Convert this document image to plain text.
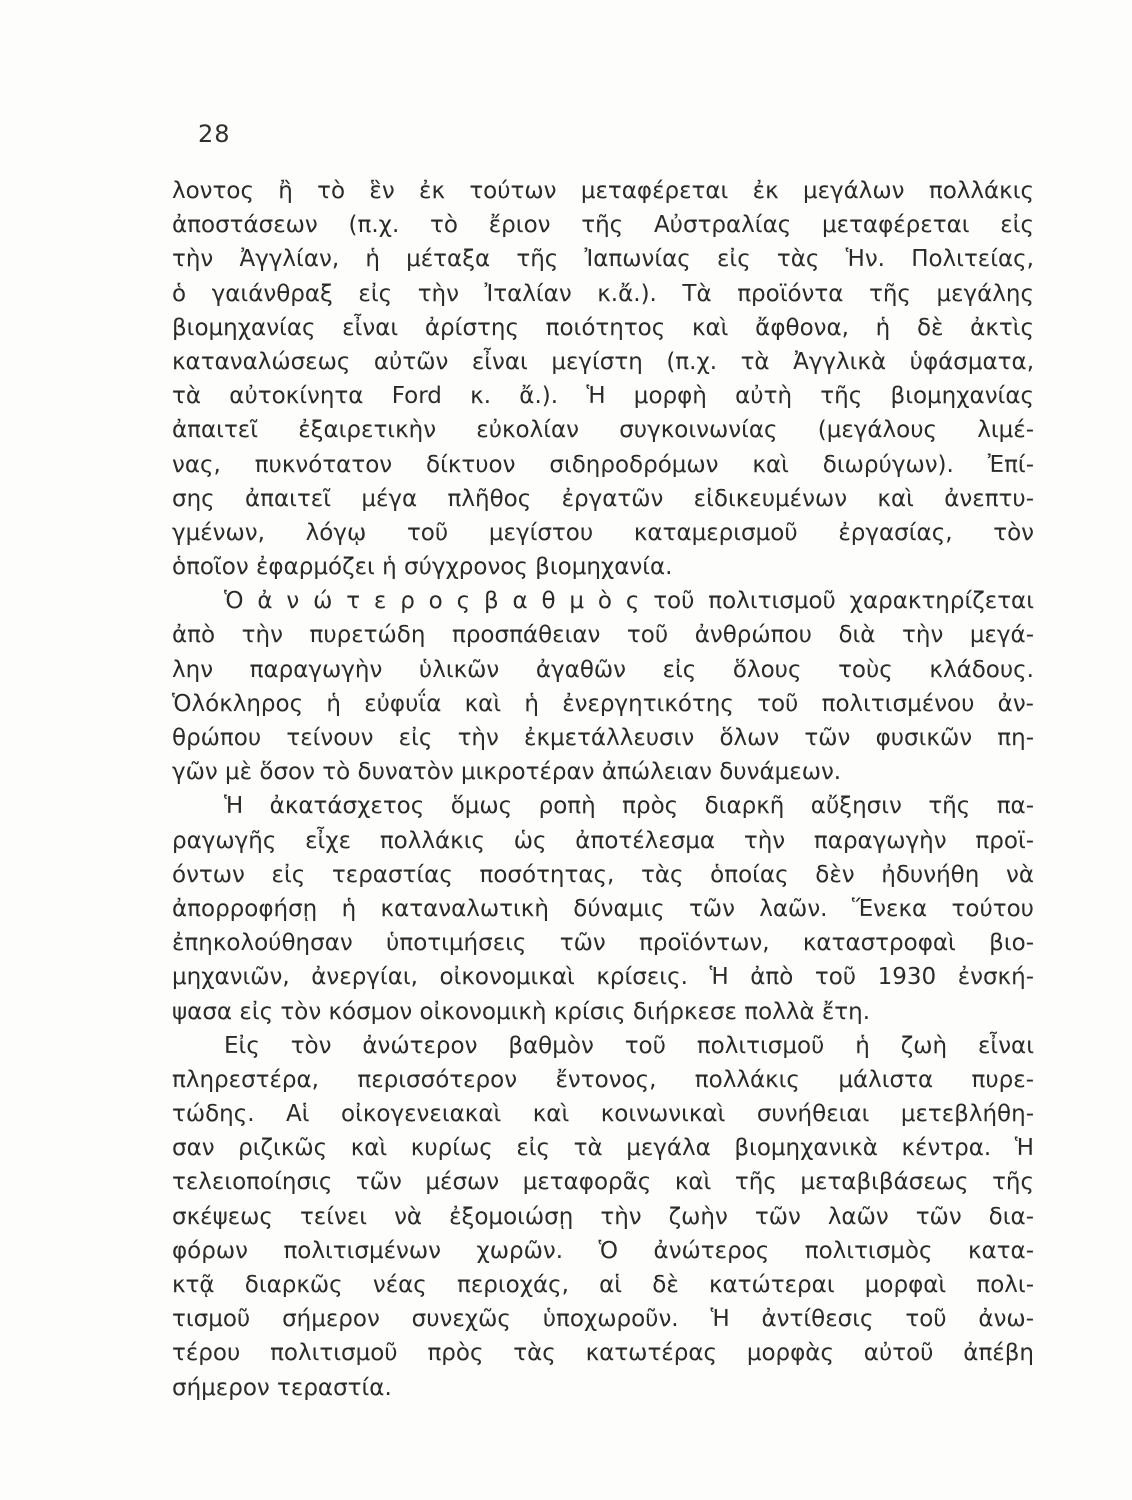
28
λοντος ἢ τὸ ἓν ἐκ τούτων μεταφέρεται ἐκ μεγάλων πολλάκις
ἀποστάσεων (π.χ. τὸ ἔριον τῆς Αὐστραλίας μεταφέρεται εἰς
τὴν Ἀγγλίαν, ἡ μέταξα τῆς Ἰαπωνίας εἰς τὰς Ἡν. Πολιτείας,
ὁ γαιάνθραξ εἰς τὴν Ἰταλίαν κ.ἄ.). Τὰ προϊόντα τῆς μεγάλης
βιομηχανίας εἶναι ἀρίστης ποιότητος καὶ ἄφθονα, ἡ δὲ ἀκτὶς
καταναλώσεως αὐτῶν εἶναι μεγίστη (π.χ. τὰ Ἀγγλικὰ ὑφάσματα,
τὰ αὐτοκίνητα Ford κ. ἄ.). Ἡ μορφὴ αὐτὴ τῆς βιομηχανίας
ἀπαιτεῖ ἐξαιρετικὴν εὐκολίαν συγκοινωνίας (μεγάλους λιμέ-
νας, πυκνότατον δίκτυον σιδηροδρόμων καὶ διωρύγων). Ἐπί-
σης ἀπαιτεῖ μέγα πλῆθος ἐργατῶν εἰδικευμένων καὶ ἀνεπτυ-
γμένων, λόγῳ τοῦ μεγίστου καταμερισμοῦ ἐργασίας, τὸν
ὁποῖον ἐφαρμόζει ἡ σύγχρονος βιομηχανία.
Ὁ ἀ ν ώ τ ε ρ ο ς β α θ μ ὸ ς τοῦ πολιτισμοῦ χαρακτηρίζεται
ἀπὸ τὴν πυρετώδη προσπάθειαν τοῦ ἀνθρώπου διὰ τὴν μεγά-
λην παραγωγὴν ὑλικῶν ἀγαθῶν εἰς ὅλους τοὺς κλάδους.
Ὁλόκληρος ἡ εὐφυΐα καὶ ἡ ἐνεργητικότης τοῦ πολιτισμένου ἀν-
θρώπου τείνουν εἰς τὴν ἐκμετάλλευσιν ὅλων τῶν φυσικῶν πη-
γῶν μὲ ὅσον τὸ δυνατὸν μικροτέραν ἀπώλειαν δυνάμεων.
Ἡ ἀκατάσχετος ὅμως ροπὴ πρὸς διαρκῆ αὔξησιν τῆς πα-
ραγωγῆς εἶχε πολλάκις ὡς ἀποτέλεσμα τὴν παραγωγὴν προϊ-
όντων εἰς τεραστίας ποσότητας, τὰς ὁποίας δὲν ἠδυνήθη νὰ
ἀπορροφήσῃ ἡ καταναλωτικὴ δύναμις τῶν λαῶν. Ἕνεκα τούτου
ἐπηκολούθησαν ὑποτιμήσεις τῶν προϊόντων, καταστροφαὶ βιο-
μηχανιῶν, ἀνεργίαι, οἰκονομικαὶ κρίσεις. Ἡ ἀπὸ τοῦ 1930 ἐνσκή-
ψασα εἰς τὸν κόσμον οἰκονομικὴ κρίσις διήρκεσε πολλὰ ἔτη.
Εἰς τὸν ἀνώτερον βαθμὸν τοῦ πολιτισμοῦ ἡ ζωὴ εἶναι
πληρεστέρα, περισσότερον ἔντονος, πολλάκις μάλιστα πυρε-
τώδης. Αἱ οἰκογενειακαὶ καὶ κοινωνικαὶ συνήθειαι μετεβλήθη-
σαν ριζικῶς καὶ κυρίως εἰς τὰ μεγάλα βιομηχανικὰ κέντρα. Ἡ
τελειοποίησις τῶν μέσων μεταφορᾶς καὶ τῆς μεταβιβάσεως τῆς
σκέψεως τείνει νὰ ἐξομοιώσῃ τὴν ζωὴν τῶν λαῶν τῶν δια-
φόρων πολιτισμένων χωρῶν. Ὁ ἀνώτερος πολιτισμὸς κατα-
κτᾷ διαρκῶς νέας περιοχάς, αἱ δὲ κατώτεραι μορφαὶ πολι-
τισμοῦ σήμερον συνεχῶς ὑποχωροῦν. Ἡ ἀντίθεσις τοῦ ἀνω-
τέρου πολιτισμοῦ πρὸς τὰς κατωτέρας μορφὰς αὐτοῦ ἀπέβη
σήμερον τεραστία.
